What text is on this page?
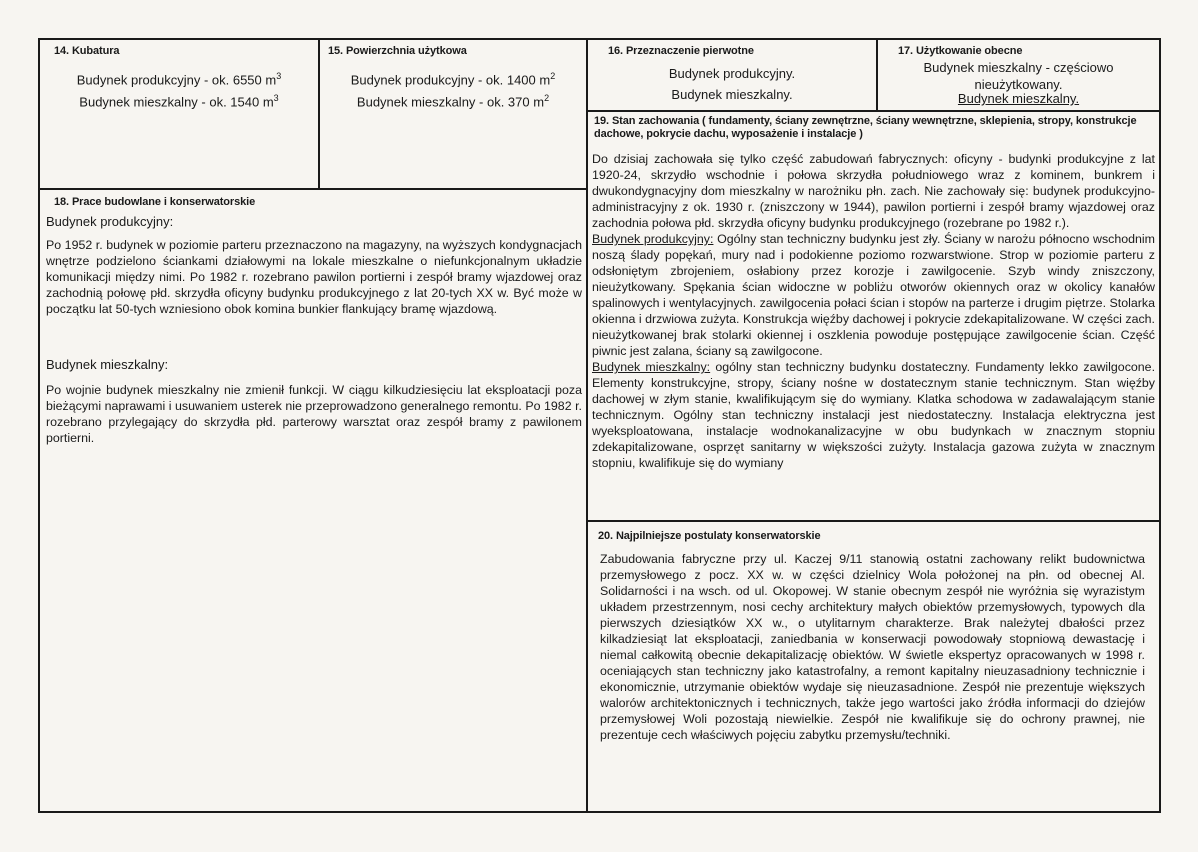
14. Kubatura
Budynek produkcyjny - ok. 6550 $m^3$
Budynek mieszkalny - ok. 1540 $m^3$
15. Powierzchnia użytkowa
Budynek produkcyjny - ok. 1400 $m^2$
Budynek mieszkalny - ok. 370 $m^2$
16. Przeznaczenie pierwotne
Budynek produkcyjny.
Budynek mieszkalny.
17. Użytkowanie obecne
Budynek mieszkalny - częściowo
nieużytkowany.
Budynek mieszkalny.
18. Prace budowlane i konserwatorskie
Budynek produkcyjny:
Po 1952 r. budynek w poziomie parteru przeznaczono na magazyny, na wyższych kondygnacjach wnętrze podzielono ściankami działowymi na lokale mieszkalne o niefunkcjonalnym układzie komunikacji między nimi. Po 1982 r. rozebrano pawilon portierni i zespół bramy wjazdowej oraz zachodnią połowę płd. skrzydła oficyny budynku produkcyjnego z lat 20-tych XX w. Być może w początku lat 50-tych wzniesiono obok komina bunkier flankujący bramę wjazdową.
Budynek mieszkalny:
Po wojnie budynek mieszkalny nie zmienił funkcji. W ciągu kilkudziesięciu lat eksploatacji poza bieżącymi naprawami i usuwaniem usterek nie przeprowadzono generalnego remontu. Po 1982 r. rozebrano przylegający do skrzydła płd. parterowy warsztat oraz zespół bramy z pawilonem portierni.
19. Stan zachowania ( fundamenty, ściany zewnętrzne, ściany wewnętrzne, sklepienia, stropy, konstrukcje dachowe, pokrycie dachu, wyposażenie i instalacje )
Do dzisiaj zachowała się tylko część zabudowań fabrycznych: oficyny - budynki produkcyjne z lat 1920-24, skrzydło wschodnie i połowa skrzydła południowego wraz z kominem, bunkrem i dwukondygnacyjny dom mieszkalny w narożniku płn. zach. Nie zachowały się: budynek produkcyjno-administracyjny z ok. 1930 r. (zniszczony w 1944), pawilon portierni i zespół bramy wjazdowej oraz zachodnia połowa płd. skrzydła oficyny budynku produkcyjnego (rozebrane po 1982 r.).
Budynek produkcyjny: Ogólny stan techniczny budynku jest zły. Ściany w narożu północno wschodnim noszą ślady popękań, mury nad i podokienne poziomo rozwarstwione. Strop w poziomie parteru z odsłoniętym zbrojeniem, osłabiony przez korozje i zawilgocenie. Szyb windy zniszczony, nieużytkowany. Spękania ścian widoczne w pobliżu otworów okiennych oraz w okolicy kanałów spalinowych i wentylacyjnych. zawilgocenia połaci ścian i stopów na parterze i drugim piętrze. Stolarka okienna i drzwiowa zużyta. Konstrukcja więźby dachowej i pokrycie zdekapitalizowane. W części zach. nieużytkowanej brak stolarki okiennej i oszklenia powoduje postępujące zawilgocenie ścian. Część piwnic jest zalana, ściany są zawilgocone.
Budynek mieszkalny: ogólny stan techniczny budynku dostateczny. Fundamenty lekko zawilgocone. Elementy konstrukcyjne, stropy, ściany nośne w dostatecznym stanie technicznym. Stan więźby dachowej w złym stanie, kwalifikującym się do wymiany. Klatka schodowa w zadawalającym stanie technicznym. Ogólny stan techniczny instalacji jest niedostateczny. Instalacja elektryczna jest wyeksploatowana, instalacje wodnokanalizacyjne w obu budynkach w znacznym stopniu zdekapitalizowane, osprzęt sanitarny w większości zużyty. Instalacja gazowa zużyta w znacznym stopniu, kwalifikuje się do wymiany
20. Najpilniejsze postulaty konserwatorskie
Zabudowania fabryczne przy ul. Kaczej 9/11 stanowią ostatni zachowany relikt budownictwa przemysłowego z pocz. XX w. w części dzielnicy Wola położonej na płn. od obecnej Al. Solidarności i na wsch. od ul. Okopowej. W stanie obecnym zespół nie wyróżnia się wyrazistym układem przestrzennym, nosi cechy architektury małych obiektów przemysłowych, typowych dla pierwszych dziesiątków XX w., o utylitarnym charakterze. Brak należytej dbałości przez kilkadziesiąt lat eksploatacji, zaniedbania w konserwacji powodowały stopniową dewastację i niemal całkowitą obecnie dekapitalizację obiektów. W świetle ekspertyz opracowanych w 1998 r. oceniających stan techniczny jako katastrofalny, a remont kapitalny nieuzasadniony technicznie i ekonomicznie, utrzymanie obiektów wydaje się nieuzasadnione. Zespół nie prezentuje większych walorów architektonicznych i technicznych, także jego wartości jako źródła informacji do dziejów przemysłowej Woli pozostają niewielkie. Zespół nie kwalifikuje się do ochrony prawnej, nie prezentuje cech właściwych pojęciu zabytku przemysłu/techniki.
